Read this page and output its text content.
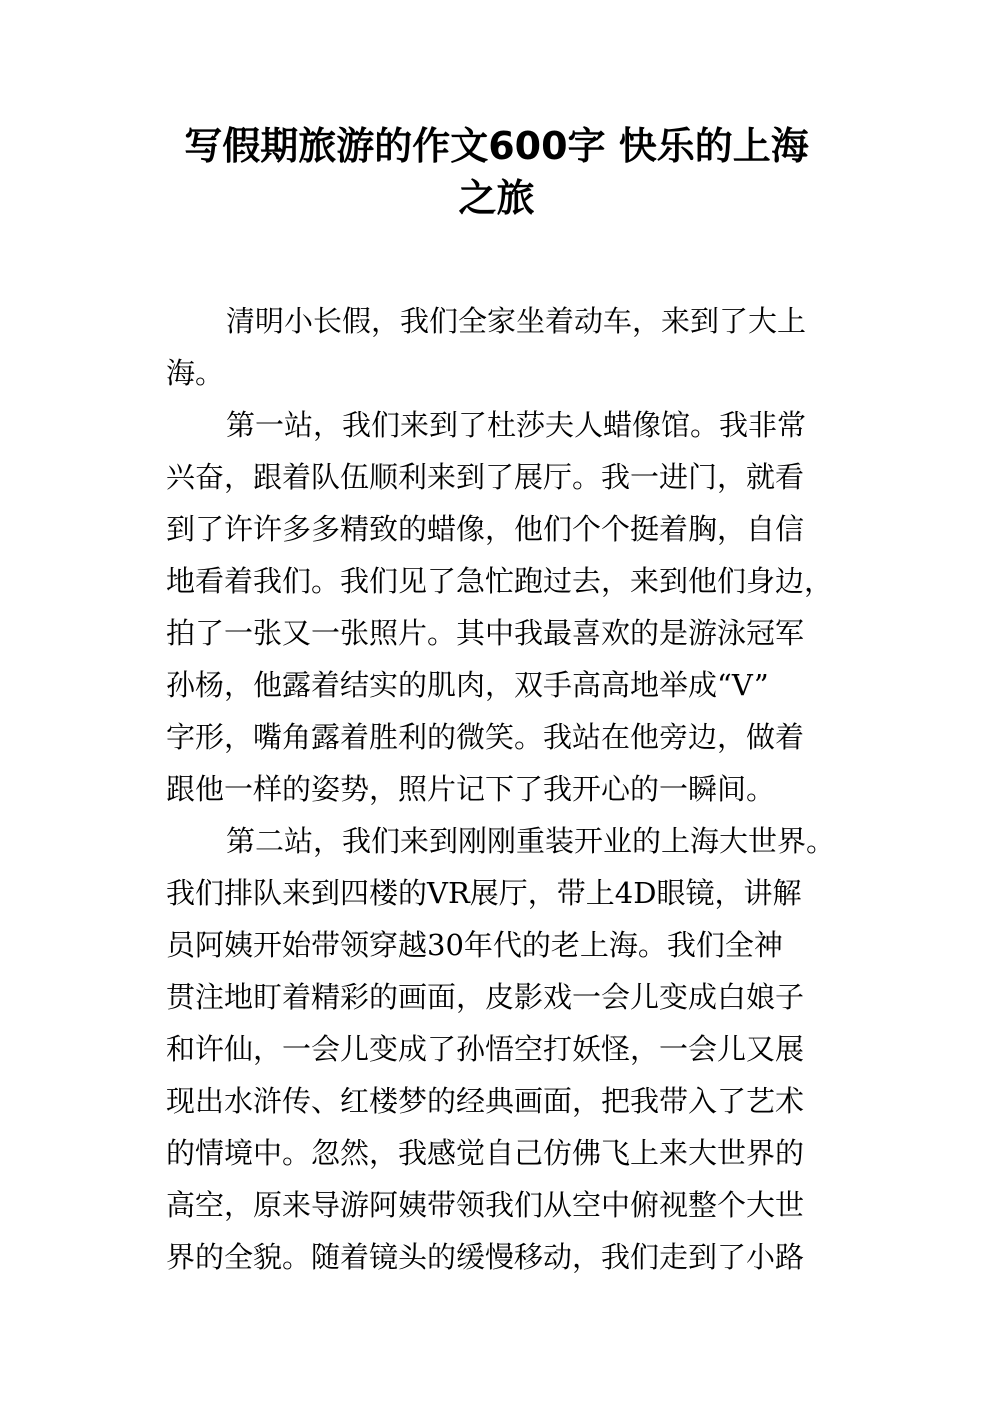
写假期旅游的作文600字 快乐的上海
之旅
清明小长假，我们全家坐着动车，来到了大上
海。
第一站，我们来到了杜莎夫人蜡像馆。我非常
兴奋，跟着队伍顺利来到了展厅。我一进门，就看
到了许许多多精致的蜡像，他们个个挺着胸，自信
地看着我们。我们见了急忙跑过去，来到他们身边，
拍了一张又一张照片。其中我最喜欢的是游泳冠军
孙杨，他露着结实的肌肉，双手高高地举成“V”
字形，嘴角露着胜利的微笑。我站在他旁边，做着
跟他一样的姿势，照片记下了我开心的一瞬间。
第二站，我们来到刚刚重装开业的上海大世界。
我们排队来到四楼的VR展厅，带上4D眼镜，讲解
员阿姨开始带领穿越30年代的老上海。我们全神
贯注地盯着精彩的画面，皮影戏一会儿变成白娘子
和许仙，一会儿变成了孙悟空打妖怪，一会儿又展
现出水浒传、红楼梦的经典画面，把我带入了艺术
的情境中。忽然，我感觉自己仿佛飞上来大世界的
高空，原来导游阿姨带领我们从空中俯视整个大世
界的全貌。随着镜头的缓慢移动，我们走到了小路
